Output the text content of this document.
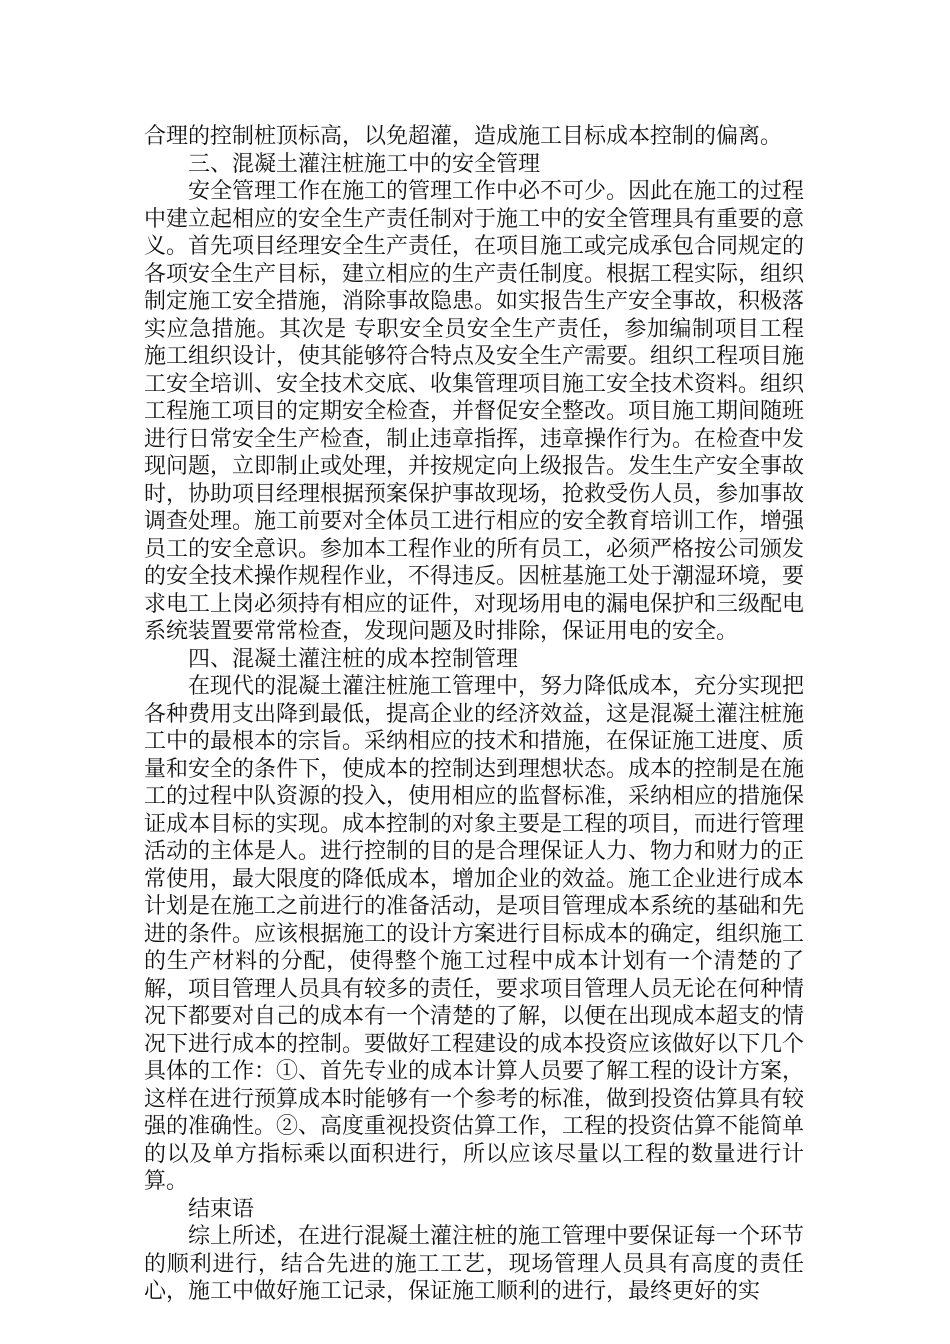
合理的控制桩顶标高，以免超灌，造成施工目标成本控制的偏离。

三、混凝土灌注桩施工中的安全管理

安全管理工作在施工的管理工作中必不可少。因此在施工的过程中建立起相应的安全生产责任制对于施工中的安全管理具有重要的意义。首先项目经理安全生产责任，在项目施工或完成承包合同规定的各项安全生产目标，建立相应的生产责任制度。根据工程实际，组织制定施工安全措施，消除事故隐患。如实报告生产安全事故，积极落实应急措施。其次是 专职安全员安全生产责任，参加编制项目工程施工组织设计，使其能够符合特点及安全生产需要。组织工程项目施工安全培训、安全技术交底、收集管理项目施工安全技术资料。组织工程施工项目的定期安全检查，并督促安全整改。项目施工期间随班进行日常安全生产检查，制止违章指挥，违章操作行为。在检查中发现问题，立即制止或处理，并按规定向上级报告。发生生产安全事故时，协助项目经理根据预案保护事故现场，抢救受伤人员，参加事故调查处理。施工前要对全体员工进行相应的安全教育培训工作，增强员工的安全意识。参加本工程作业的所有员工，必须严格按公司颁发的安全技术操作规程作业，不得违反。因桩基施工处于潮湿环境，要求电工上岗必须持有相应的证件，对现场用电的漏电保护和三级配电系统装置要常常检查，发现问题及时排除，保证用电的安全。

四、混凝土灌注桩的成本控制管理

在现代的混凝土灌注桩施工管理中，努力降低成本，充分实现把各种费用支出降到最低，提高企业的经济效益，这是混凝土灌注桩施工中的最根本的宗旨。采纳相应的技术和措施，在保证施工进度、质量和安全的条件下，使成本的控制达到理想状态。成本的控制是在施工的过程中队资源的投入，使用相应的监督标准，采纳相应的措施保证成本目标的实现。成本控制的对象主要是工程的项目，而进行管理活动的主体是人。进行控制的目的是合理保证人力、物力和财力的正常使用，最大限度的降低成本，增加企业的效益。施工企业进行成本计划是在施工之前进行的准备活动，是项目管理成本系统的基础和先进的条件。应该根据施工的设计方案进行目标成本的确定，组织施工的生产材料的分配，使得整个施工过程中成本计划有一个清楚的了解，项目管理人员具有较多的责任，要求项目管理人员无论在何种情况下都要对自己的成本有一个清楚的了解，以便在出现成本超支的情况下进行成本的控制。要做好工程建设的成本投资应该做好以下几个具体的工作：①、首先专业的成本计算人员要了解工程的设计方案，这样在进行预算成本时能够有一个参考的标准，做到投资估算具有较强的准确性。②、高度重视投资估算工作，工程的投资估算不能简单的以及单方指标乘以面积进行，所以应该尽量以工程的数量进行计算。

结束语

综上所述，在进行混凝土灌注桩的施工管理中要保证每一个环节的顺利进行，结合先进的施工工艺，现场管理人员具有高度的责任心，施工中做好施工记录，保证施工顺利的进行，最终更好的实
